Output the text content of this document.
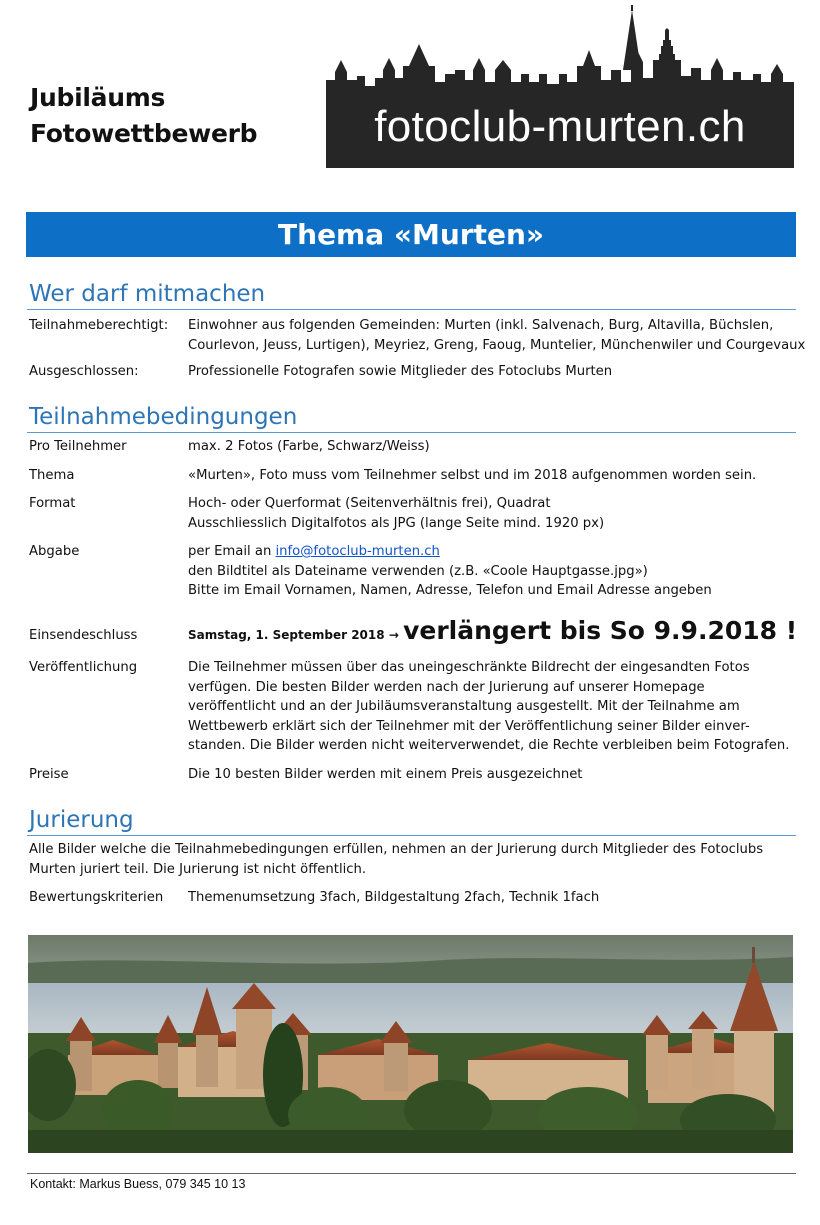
Jubiläums
Fotowettbewerb	fotoclub-murten.ch
Thema «Murten»
Wer darf mitmachen
Teilnahmeberechtigt:	Einwohner aus folgenden Gemeinden: Murten (inkl. Salvenach, Burg, Altavilla, Büchslen,
Courlevon, Jeuss, Lurtigen), Meyriez, Greng, Faoug, Muntelier, Münchenwiler und Courgevaux
Ausgeschlossen:	Professionelle Fotografen sowie Mitglieder des Fotoclubs Murten
Teilnahmebedingungen
Pro Teilnehmer	max. 2 Fotos (Farbe, Schwarz/Weiss)
Thema	«Murten», Foto muss vom Teilnehmer selbst und im 2018 aufgenommen worden sein.
Format	Hoch- oder Querformat (Seitenverhältnis frei), Quadrat
Ausschliesslich Digitalfotos als JPG (lange Seite mind. 1920 px)
Abgabe	per Email an info@fotoclub-murten.ch
den Bildtitel als Dateiname verwenden (z.B. «Coole Hauptgasse.jpg»)
Bitte im Email Vornamen, Namen, Adresse, Telefon und Email Adresse angeben
Einsendeschluss	Samstag, 1. September 2018 → verlängert bis So 9.9.2018 !
Veröffentlichung	Die Teilnehmer müssen über das uneingeschränkte Bildrecht der eingesandten Fotos
verfügen. Die besten Bilder werden nach der Jurierung auf unserer Homepage
veröffentlicht und an der Jubiläumsveranstaltung ausgestellt. Mit der Teilnahme am
Wettbewerb erklärt sich der Teilnehmer mit der Veröffentlichung seiner Bilder einver-
standen. Die Bilder werden nicht weiterverwendet, die Rechte verbleiben beim Fotografen.
Preise	Die 10 besten Bilder werden mit einem Preis ausgezeichnet
Jurierung
Alle Bilder welche die Teilnahmebedingungen erfüllen, nehmen an der Jurierung durch Mitglieder des Fotoclubs
Murten juriert teil. Die Jurierung ist nicht öffentlich.
Bewertungskriterien	Themenumsetzung 3fach, Bildgestaltung 2fach, Technik 1fach
Kontakt: Markus Buess, 079 345 10 13
